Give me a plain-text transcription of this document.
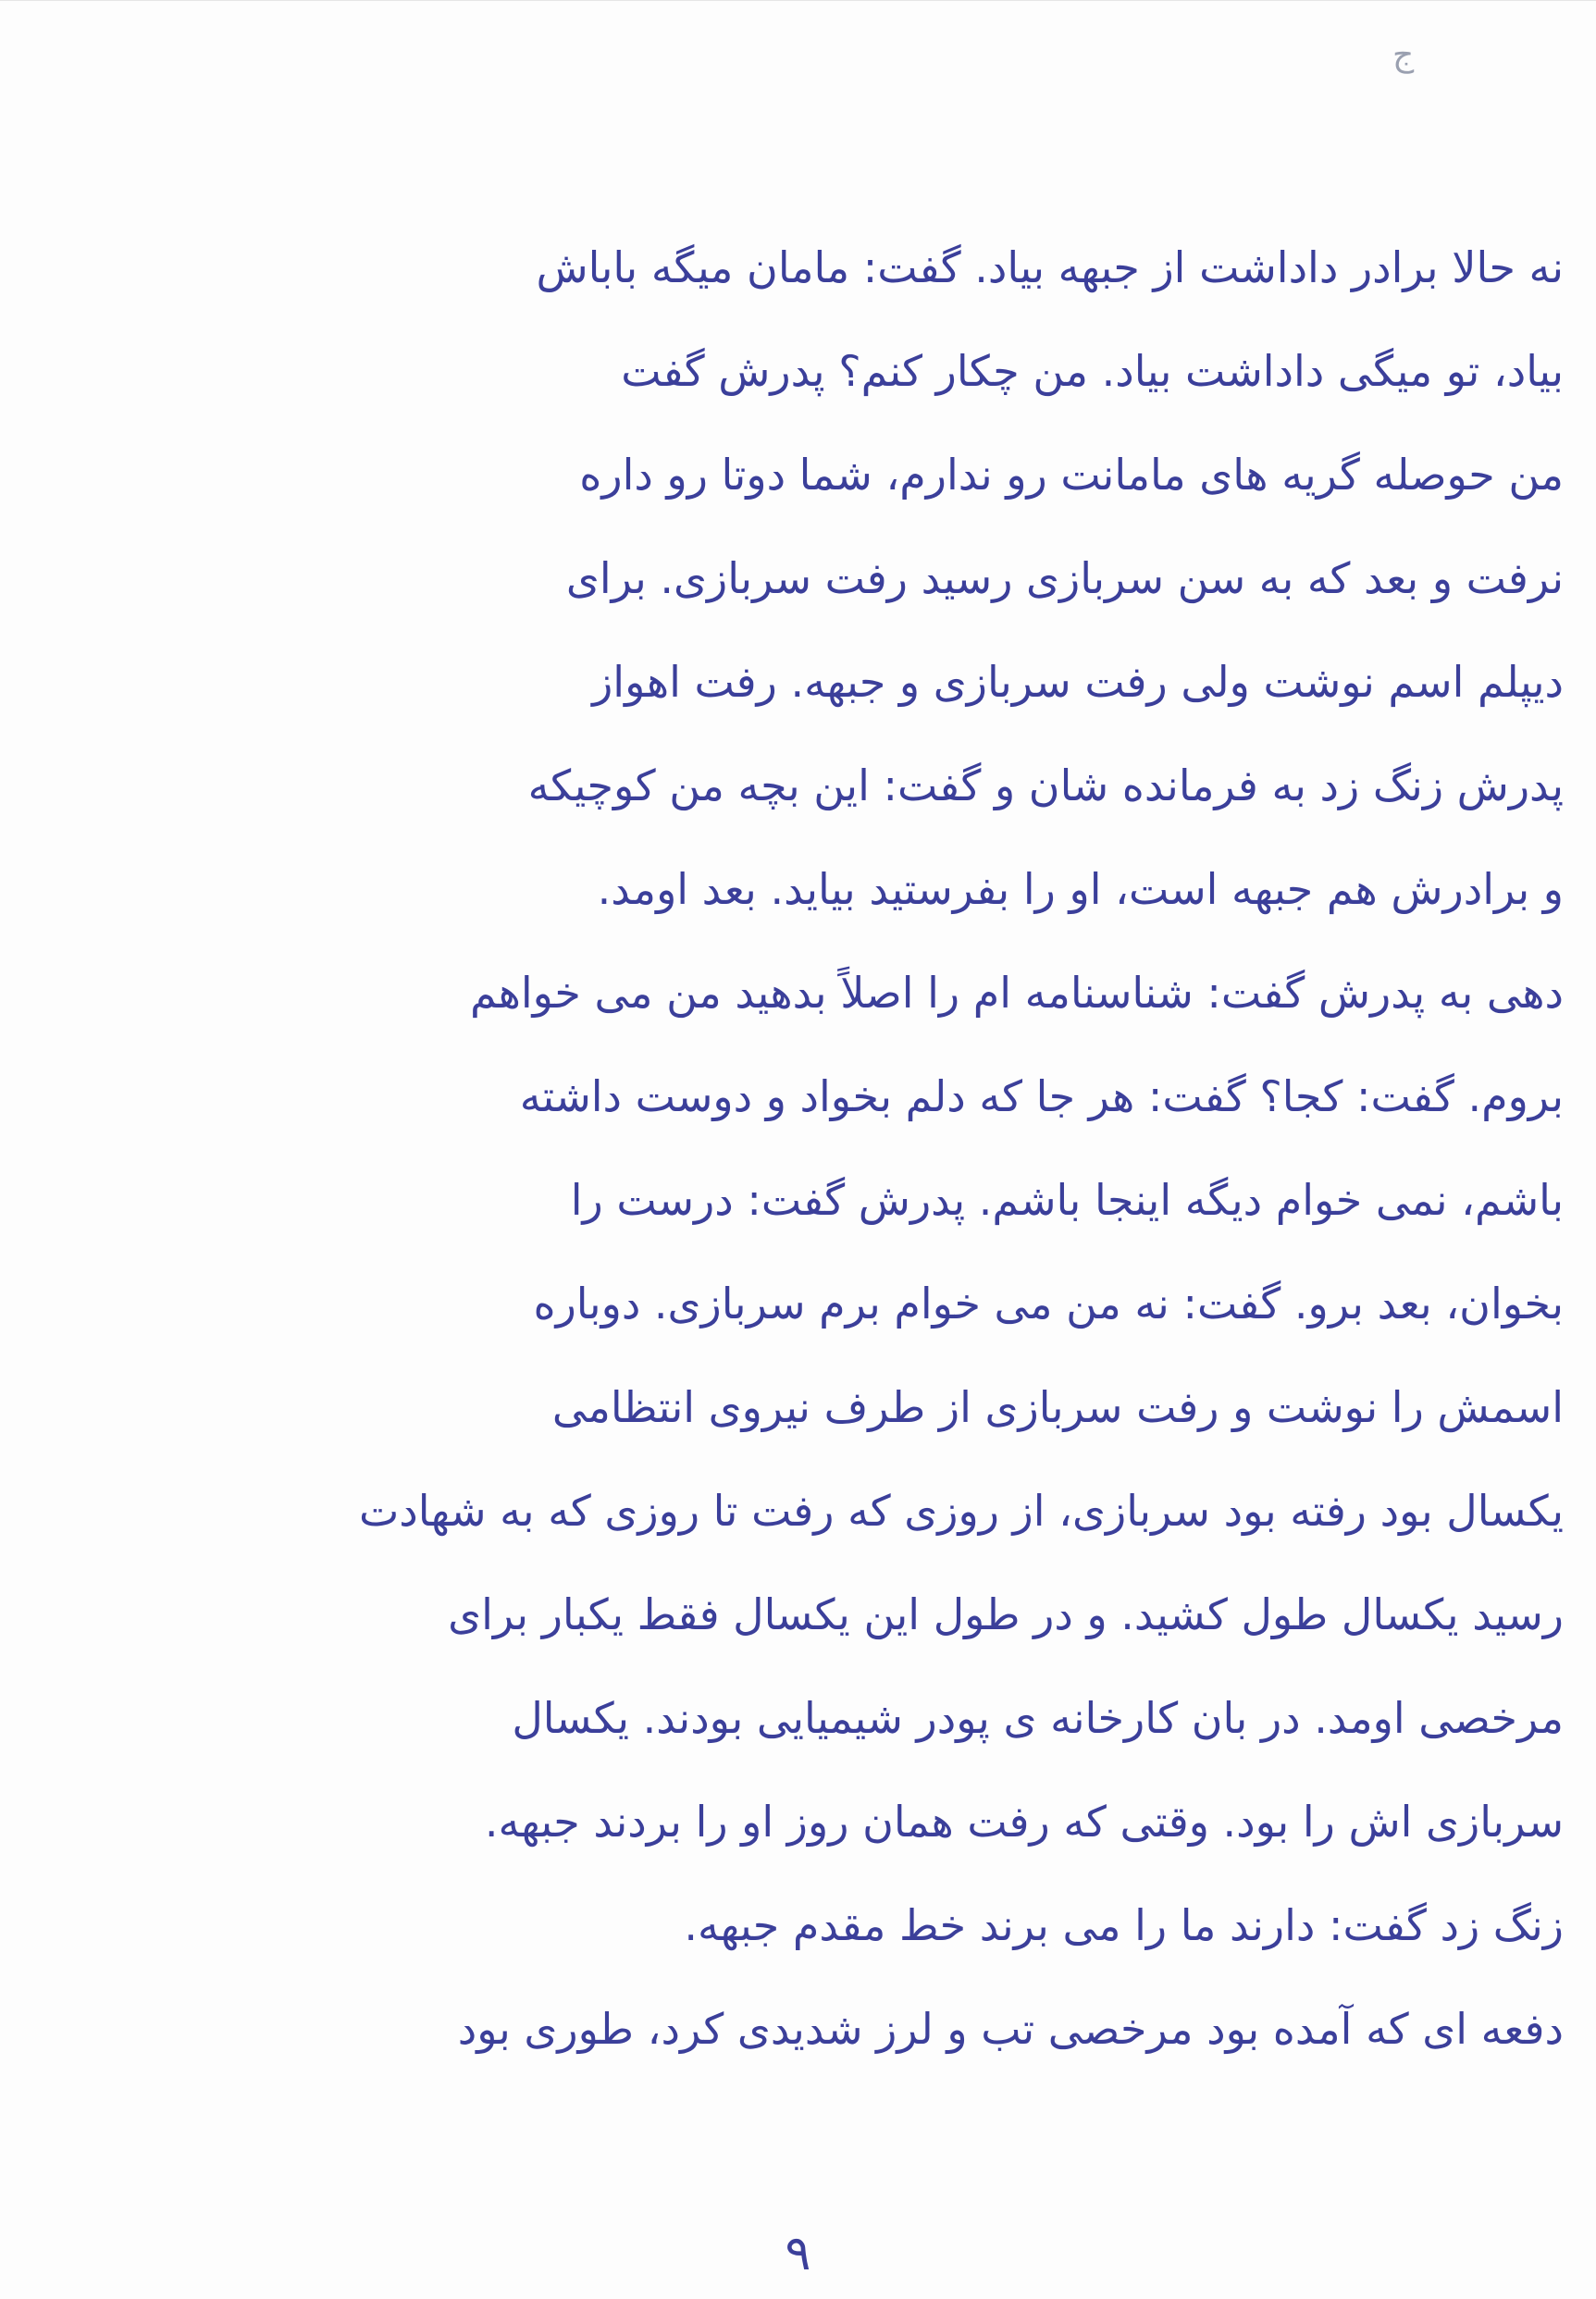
ج
نه حالا برادر داداشت از جبهه بیاد. گفت: مامان میگه باباش
بیاد، تو میگی داداشت بیاد. من چکار کنم؟ پدرش گفت
من حوصله گریه های مامانت رو ندارم، شما دوتا رو داره
نرفت و بعد که به سن سربازی رسید رفت سربازی. برای
دیپلم اسم نوشت ولی رفت سربازی و جبهه. رفت اهواز
پدرش زنگ زد به فرمانده شان و گفت: این بچه من کوچیکه
و برادرش هم جبهه است، او را بفرستید بیاید. بعد اومد.
دهی به پدرش گفت: شناسنامه ام را اصلاً بدهید من می خواهم
بروم. گفت: کجا؟ گفت: هر جا که دلم بخواد و دوست داشته
باشم، نمی خوام دیگه اینجا باشم. پدرش گفت: درست را
بخوان، بعد برو. گفت: نه من می خوام برم سربازی. دوباره
اسمش را نوشت و رفت سربازی از طرف نیروی انتظامی
یکسال بود رفته بود سربازی، از روزی که رفت تا روزی که به شهادت
رسید یکسال طول کشید. و در طول این یکسال فقط یکبار برای
مرخصی اومد. در بان کارخانه ی پودر شیمیایی بودند. یکسال
سربازی اش را بود. وقتی که رفت همان روز او را بردند جبهه.
زنگ زد گفت: دارند ما را می برند خط مقدم جبهه.
دفعه ای که آمده بود مرخصی تب و لرز شدیدی کرد، طوری بود
۹
